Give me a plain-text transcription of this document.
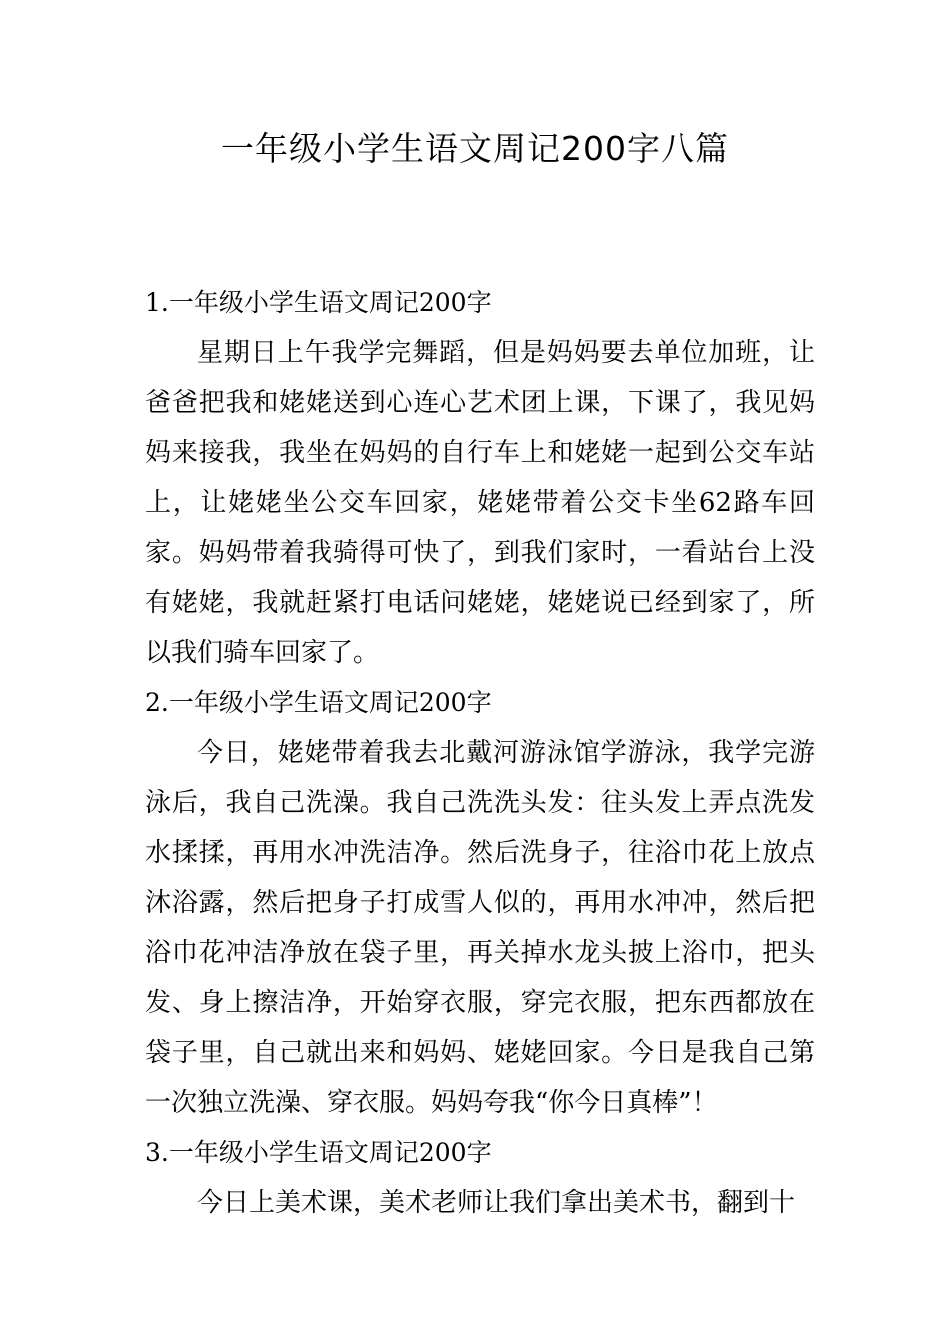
一年级小学生语文周记200字八篇
1.一年级小学生语文周记200字

星期日上午我学完舞蹈，但是妈妈要去单位加班，让爸爸把我和姥姥送到心连心艺术团上课，下课了，我见妈妈来接我，我坐在妈妈的自行车上和姥姥一起到公交车站上，让姥姥坐公交车回家，姥姥带着公交卡坐62路车回家。妈妈带着我骑得可快了，到我们家时，一看站台上没有姥姥，我就赶紧打电话问姥姥，姥姥说已经到家了，所以我们骑车回家了。

2.一年级小学生语文周记200字

今日，姥姥带着我去北戴河游泳馆学游泳，我学完游泳后，我自己洗澡。我自己洗洗头发：往头发上弄点洗发水揉揉，再用水冲洗洁净。然后洗身子，往浴巾花上放点沐浴露，然后把身子打成雪人似的，再用水冲冲，然后把浴巾花冲洁净放在袋子里，再关掉水龙头披上浴巾，把头发、身上擦洁净，开始穿衣服，穿完衣服，把东西都放在袋子里，自己就出来和妈妈、姥姥回家。今日是我自己第一次独立洗澡、穿衣服。妈妈夸我“你今日真棒”！

3.一年级小学生语文周记200字

今日上美术课，美术老师让我们拿出美术书，翻到十
